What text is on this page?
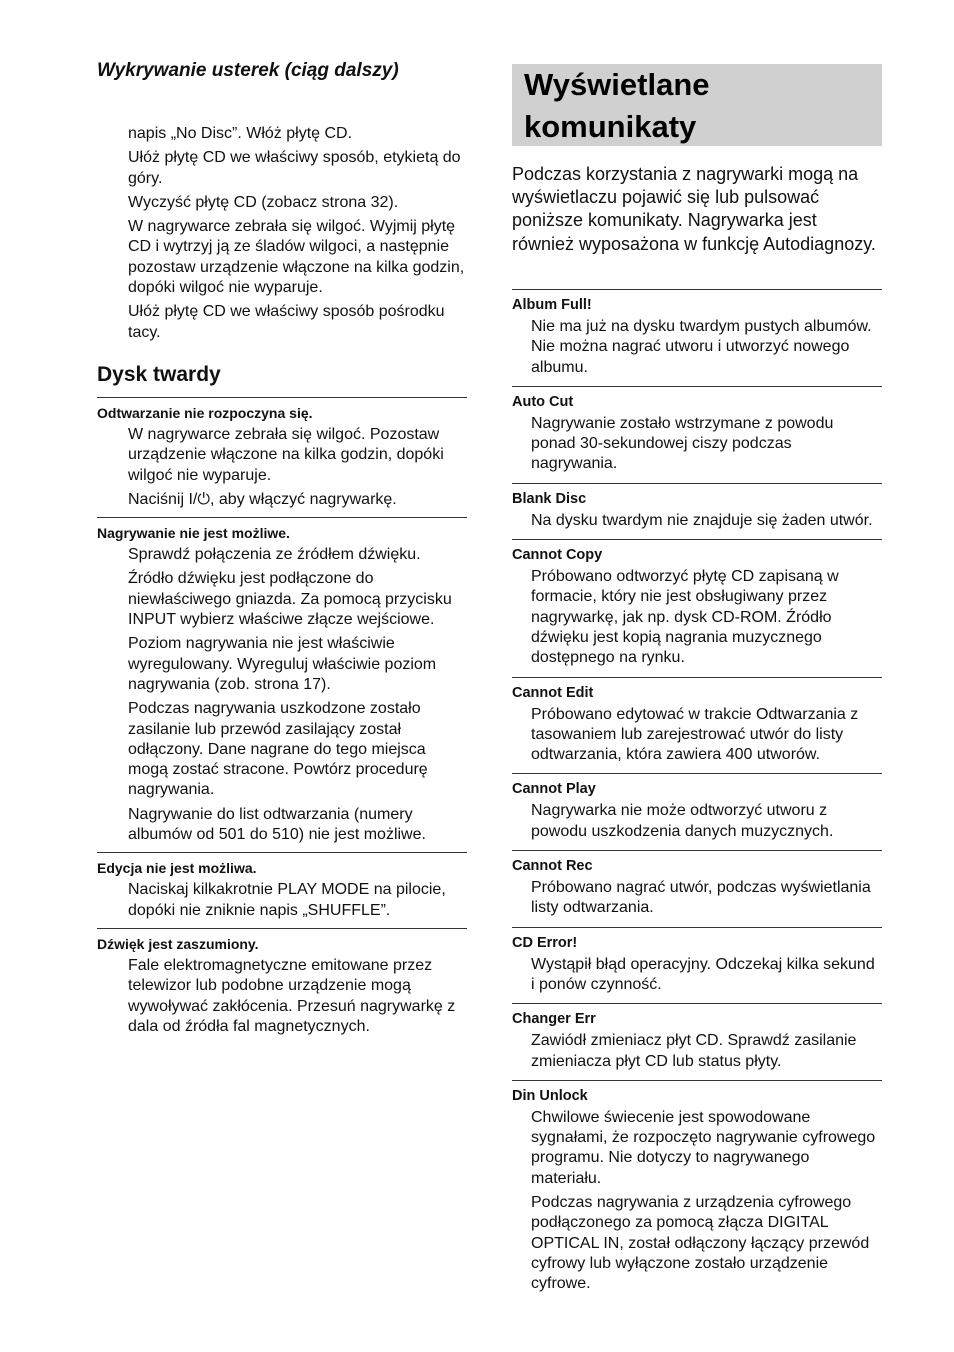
Wykrywanie usterek (ciąg dalszy)

napis „No Disc”. Włóż płytę CD.

Ułóż płytę CD we właściwy sposób, etykietą do góry.

Wyczyść płytę CD (zobacz strona 32).

W nagrywarce zebrała się wilgoć. Wyjmij płytę CD i wytrzyj ją ze śladów wilgoci, a następnie pozostaw urządzenie włączone na kilka godzin, dopóki wilgoć nie wyparuje.

Ułóż płytę CD we właściwy sposób pośrodku tacy.

Dysk twardy
Odtwarzanie nie rozpoczyna się.

W nagrywarce zebrała się wilgoć. Pozostaw urządzenie włączone na kilka godzin, dopóki wilgoć nie wyparuje.

Naciśnij I/⏻, aby włączyć nagrywarkę.

Nagrywanie nie jest możliwe.

Sprawdź połączenia ze źródłem dźwięku.

Źródło dźwięku jest podłączone do niewłaściwego gniazda. Za pomocą przycisku INPUT wybierz właściwe złącze wejściowe.

Poziom nagrywania nie jest właściwie wyregulowany. Wyreguluj właściwie poziom nagrywania (zob. strona 17).

Podczas nagrywania uszkodzone zostało zasilanie lub przewód zasilający został odłączony. Dane nagrane do tego miejsca mogą zostać stracone. Powtórz procedurę nagrywania.

Nagrywanie do list odtwarzania (numery albumów od 501 do 510) nie jest możliwe.

Edycja nie jest możliwa.

Naciskaj kilkakrotnie PLAY MODE na pilocie, dopóki nie zniknie napis „SHUFFLE”.

Dźwięk jest zaszumiony.

Fale elektromagnetyczne emitowane przez telewizor lub podobne urządzenie mogą wywoływać zakłócenia. Przesuń nagrywarkę z dala od źródła fal magnetycznych.

Wyświetlane komunikaty

Podczas korzystania z nagrywarki mogą na wyświetlaczu pojawić się lub pulsować poniższe komunikaty. Nagrywarka jest również wyposażona w funkcję Autodiagnozy.

Album Full!

Nie ma już na dysku twardym pustych albumów. Nie można nagrać utworu i utworzyć nowego albumu.

Auto Cut

Nagrywanie zostało wstrzymane z powodu ponad 30-sekundowej ciszy podczas nagrywania.

Blank Disc

Na dysku twardym nie znajduje się żaden utwór.

Cannot Copy

Próbowano odtworzyć płytę CD zapisaną w formacie, który nie jest obsługiwany przez nagrywarkę, jak np. dysk CD-ROM. Źródło dźwięku jest kopią nagrania muzycznego dostępnego na rynku.

Cannot Edit

Próbowano edytować w trakcie Odtwarzania z tasowaniem lub zarejestrować utwór do listy odtwarzania, która zawiera 400 utworów.

Cannot Play

Nagrywarka nie może odtworzyć utworu z powodu uszkodzenia danych muzycznych.

Cannot Rec

Próbowano nagrać utwór, podczas wyświetlania listy odtwarzania.

CD Error!

Wystąpił błąd operacyjny. Odczekaj kilka sekund i ponów czynność.

Changer Err

Zawiódł zmieniacz płyt CD. Sprawdź zasilanie zmieniacza płyt CD lub status płyty.

Din Unlock

Chwilowe świecenie jest spowodowane sygnałami, że rozpoczęto nagrywanie cyfrowego programu. Nie dotyczy to nagrywanego materiału.

Podczas nagrywania z urządzenia cyfrowego podłączonego za pomocą złącza DIGITAL OPTICAL IN, został odłączony łączący przewód cyfrowy lub wyłączone zostało urządzenie cyfrowe.
